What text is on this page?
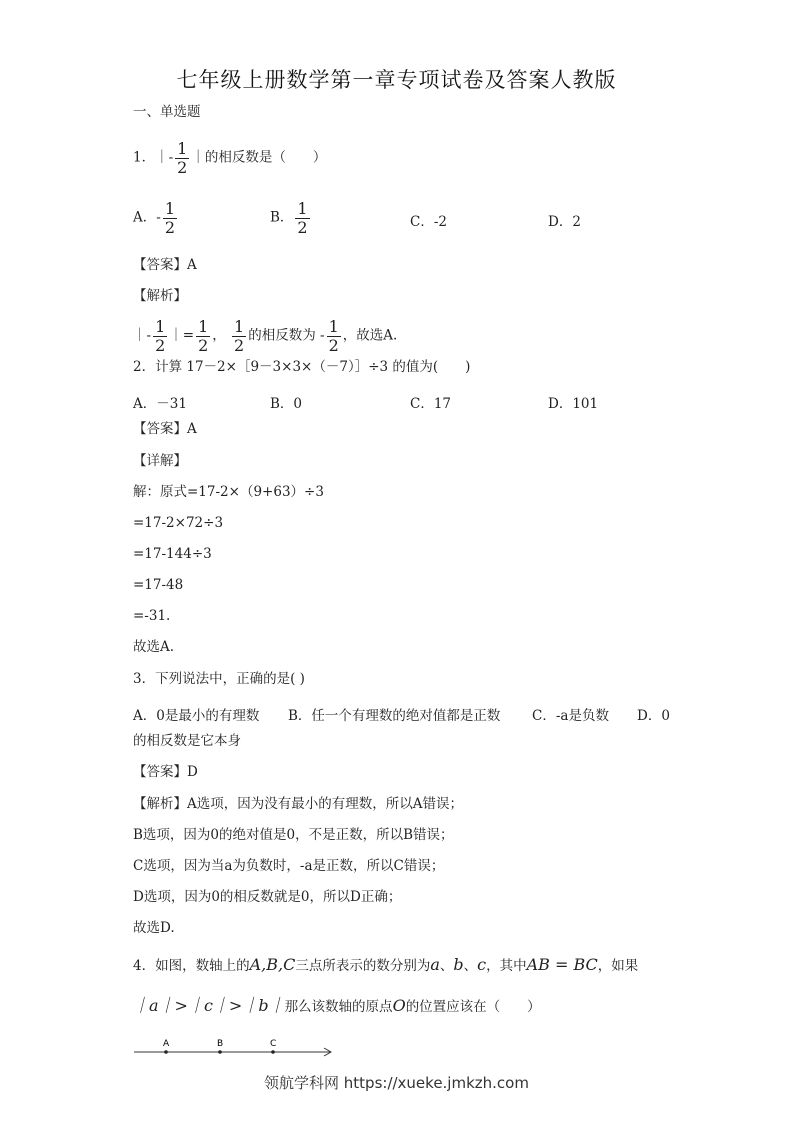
七年级上册数学第一章专项试卷及答案人教版
一、单选题
1．｜- $\frac{1}{2}$ ｜的相反数是（　　）
A．- $\frac{1}{2}$	B． $\frac{1}{2}$	C．-2	D．2
【答案】A
【解析】
｜- $\frac{1}{2}$ ｜= $\frac{1}{2}$ ， $\frac{1}{2}$ 的相反数为 - $\frac{1}{2}$ ，故选A.
2．计算 17－2×［9－3×3×（－7）］÷3 的值为(　　)
A．－31	B．0	C．17	D．101
【答案】A
【详解】
解：原式=17-2×（9+63）÷3
=17-2×72÷3
=17-144÷3
=17-48
=-31.
故选A.
3．下列说法中，正确的是( )
A．0是最小的有理数 B．任一个有理数的绝对值都是正数 C．-a是负数 D．0
的相反数是它本身
【答案】D
【解析】A选项，因为没有最小的有理数，所以A错误；
B选项，因为0的绝对值是0，不是正数，所以B错误；
C选项，因为当a为负数时，-a是正数，所以C错误；
D选项，因为0的相反数就是0，所以D正确；
故选D.
4．如图，数轴上的A,B,C三点所表示的数分别为a、b、c，其中AB = BC，如果
｜a｜>｜c｜>｜b｜那么该数轴的原点O的位置应该在（　　）
A	B	C
领航学科网 https://xueke.jmkzh.com
